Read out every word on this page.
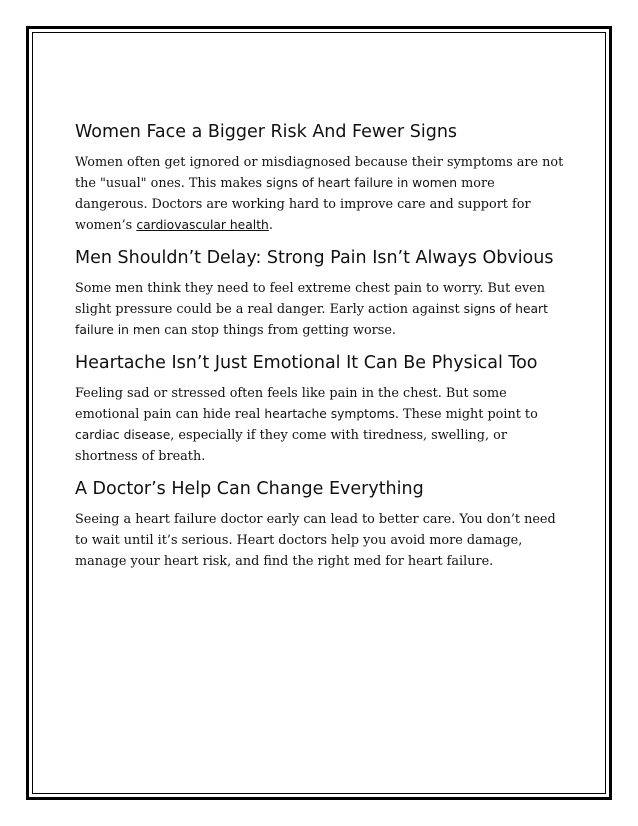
Women Face a Bigger Risk And Fewer Signs

Women often get ignored or misdiagnosed because their symptoms are not the "usual" ones. This makes signs of heart failure in women more dangerous. Doctors are working hard to improve care and support for women’s cardiovascular health.

Men Shouldn’t Delay: Strong Pain Isn’t Always Obvious

Some men think they need to feel extreme chest pain to worry. But even slight pressure could be a real danger. Early action against signs of heart failure in men can stop things from getting worse.

Heartache Isn’t Just Emotional It Can Be Physical Too

Feeling sad or stressed often feels like pain in the chest. But some emotional pain can hide real heartache symptoms. These might point to cardiac disease, especially if they come with tiredness, swelling, or shortness of breath.

A Doctor’s Help Can Change Everything

Seeing a heart failure doctor early can lead to better care. You don’t need to wait until it’s serious. Heart doctors help you avoid more damage, manage your heart risk, and find the right med for heart failure.
